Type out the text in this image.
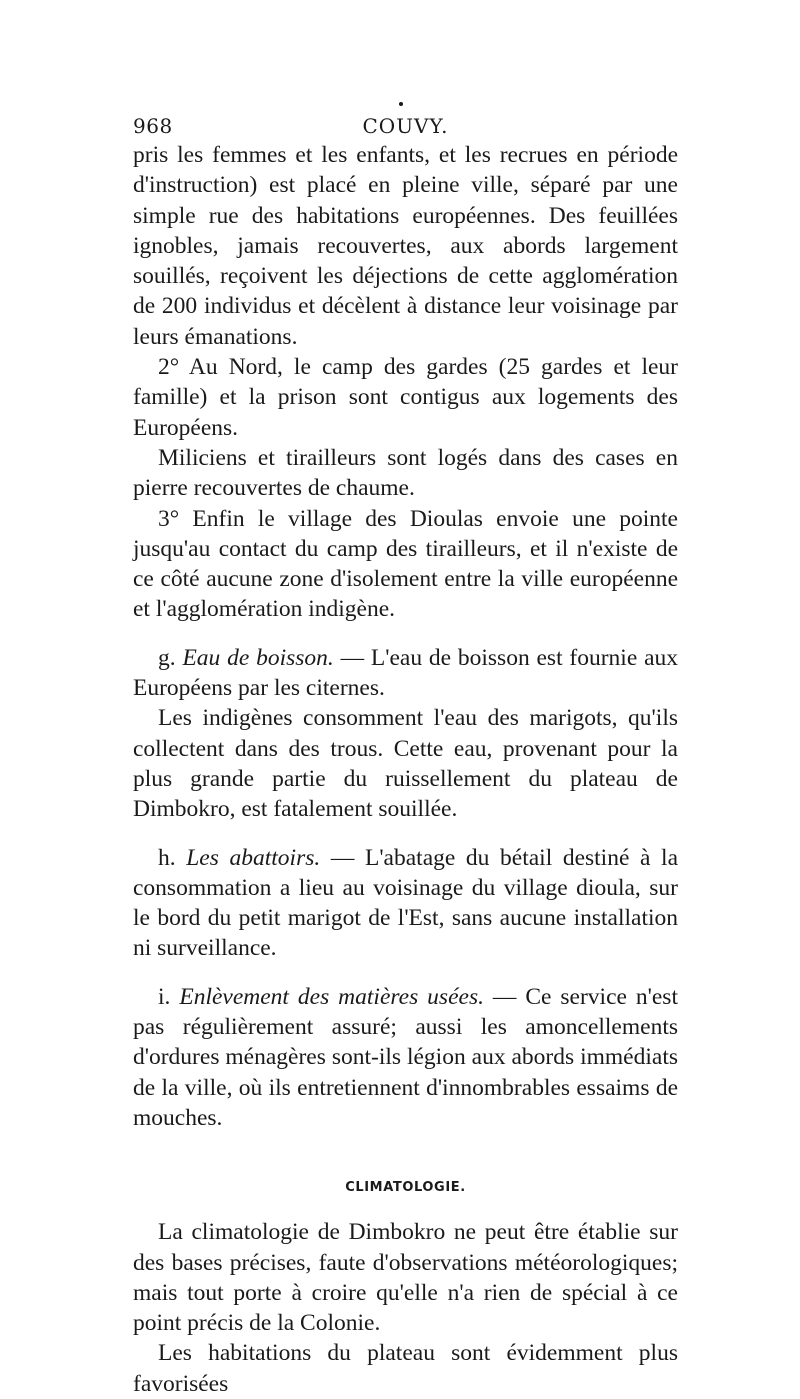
968	COUVY.

pris les femmes et les enfants, et les recrues en période d'instruction) est placé en pleine ville, séparé par une simple rue des habitations européennes. Des feuillées ignobles, jamais recouvertes, aux abords largement souillés, reçoivent les déjections de cette agglomération de 200 individus et décèlent à distance leur voisinage par leurs émanations.

2° Au Nord, le camp des gardes (25 gardes et leur famille) et la prison sont contigus aux logements des Européens.

Miliciens et tirailleurs sont logés dans des cases en pierre recouvertes de chaume.

3° Enfin le village des Dioulas envoie une pointe jusqu'au contact du camp des tirailleurs, et il n'existe de ce côté aucune zone d'isolement entre la ville européenne et l'agglomération indigène.

g. Eau de boisson. — L'eau de boisson est fournie aux Européens par les citernes.

Les indigènes consomment l'eau des marigots, qu'ils collectent dans des trous. Cette eau, provenant pour la plus grande partie du ruissellement du plateau de Dimbokro, est fatalement souillée.

h. Les abattoirs. — L'abatage du bétail destiné à la consommation a lieu au voisinage du village dioula, sur le bord du petit marigot de l'Est, sans aucune installation ni surveillance.

i. Enlèvement des matières usées. — Ce service n'est pas régulièrement assuré; aussi les amoncellements d'ordures ménagères sont-ils légion aux abords immédiats de la ville, où ils entretiennent d'innombrables essaims de mouches.

CLIMATOLOGIE.

La climatologie de Dimbokro ne peut être établie sur des bases précises, faute d'observations météorologiques; mais tout porte à croire qu'elle n'a rien de spécial à ce point précis de la Colonie.

Les habitations du plateau sont évidemment plus favorisées
